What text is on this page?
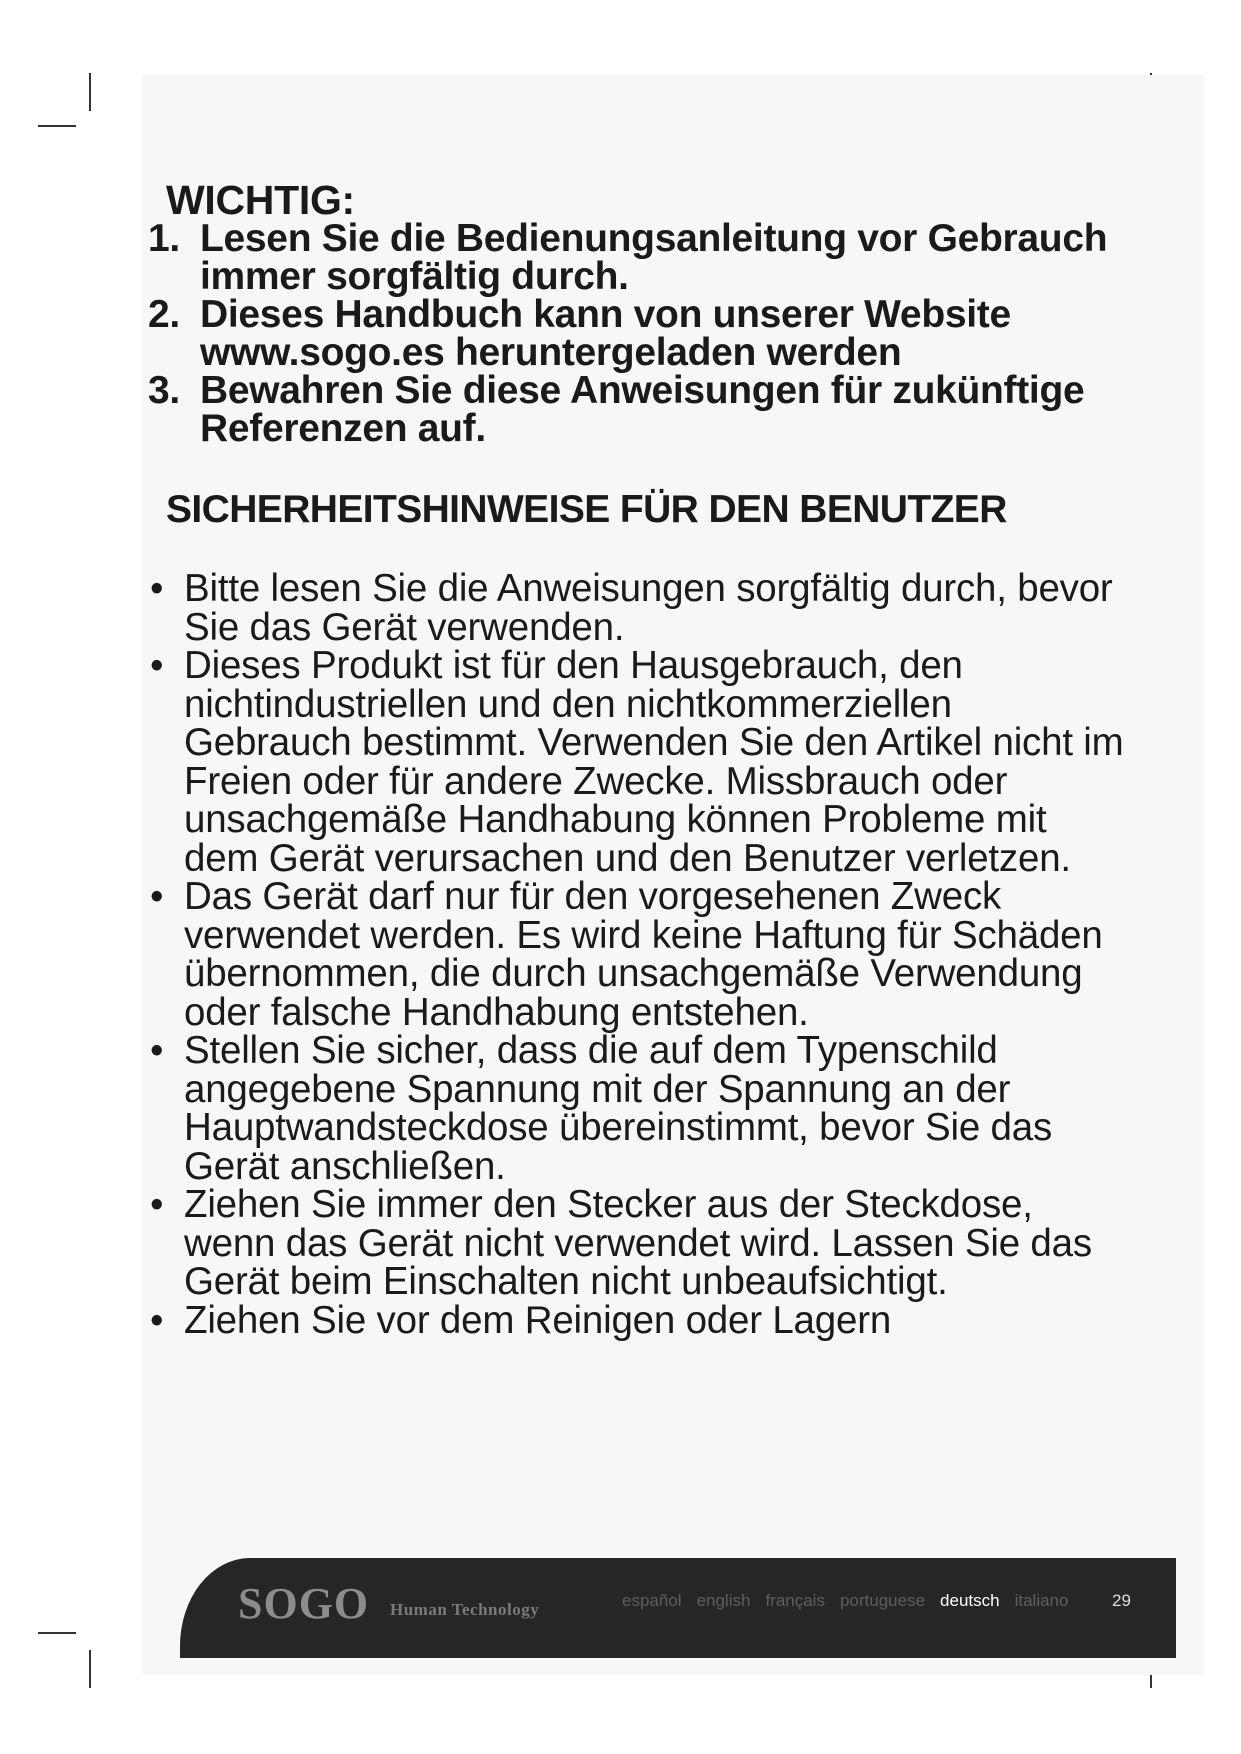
WICHTIG:
1. Lesen Sie die Bedienungsanleitung vor Gebrauch immer sorgfältig durch.
2. Dieses Handbuch kann von unserer Website www.sogo.es heruntergeladen werden
3. Bewahren Sie diese Anweisungen für zukünftige Referenzen auf.
SICHERHEITSHINWEISE FÜR DEN BENUTZER
• Bitte lesen Sie die Anweisungen sorgfältig durch, bevor Sie das Gerät verwenden.
• Dieses Produkt ist für den Hausgebrauch, den nichtindustriellen und den nichtkommerziellen Gebrauch bestimmt. Verwenden Sie den Artikel nicht im Freien oder für andere Zwecke. Missbrauch oder unsachgemäße Handhabung können Probleme mit dem Gerät verursachen und den Benutzer verletzen.
• Das Gerät darf nur für den vorgesehenen Zweck verwendet werden. Es wird keine Haftung für Schäden übernommen, die durch unsachgemäße Verwendung oder falsche Handhabung entstehen.
• Stellen Sie sicher, dass die auf dem Typenschild angegebene Spannung mit der Spannung an der Hauptwandsteckdose übereinstimmt, bevor Sie das Gerät anschließen.
• Ziehen Sie immer den Stecker aus der Steckdose, wenn das Gerät nicht verwendet wird. Lassen Sie das Gerät beim Einschalten nicht unbeaufsichtigt.
• Ziehen Sie vor dem Reinigen oder Lagern
SOGO Human Technology	español english français portuguese deutsch italiano	29
